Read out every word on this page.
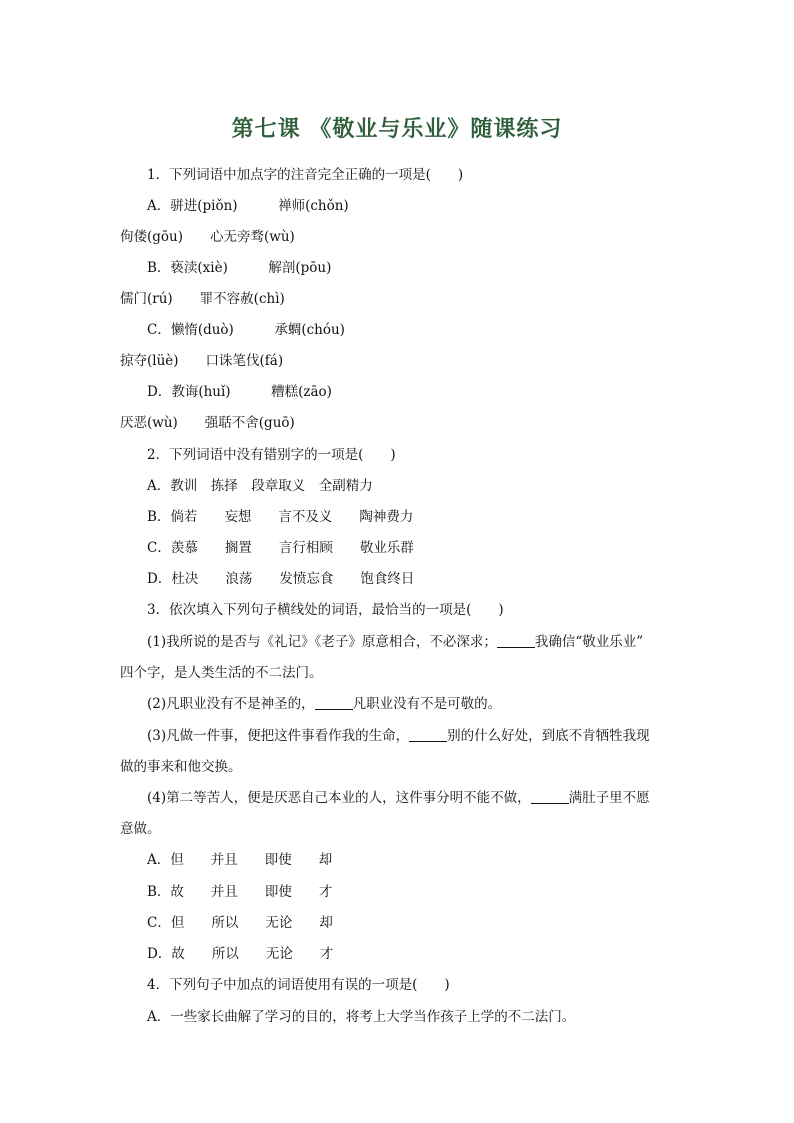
第七课 《敬业与乐业》随课练习
1．下列词语中加点字的注音完全正确的一项是(　　)
A．骈进(piǒn)　　　禅师(chǒn)
佝偻(gōu)　　心无旁骛(wù)
B．亵渎(xiè)　　　解剖(pōu)
儒门(rú)　　罪不容赦(chì)
C．懒惰(duò)　　　承蜩(chóu)
掠夺(lüè)　　口诛笔伐(fá)
D．教诲(huǐ)　　　糟糕(zāo)
厌恶(wù)　　强聒不舍(guō)
2．下列词语中没有错别字的一项是(　　)
A．教训　拣择　段章取义　全副精力
B．倘若　　妄想　　言不及义　　陶神费力
C．羡慕　　搁置　　言行相顾　　敬业乐群
D．杜决　　浪荡　　发愤忘食　　饱食终日
3．依次填入下列句子横线处的词语，最恰当的一项是(　　)
(1)我所说的是否与《礼记》《老子》原意相合，不必深求；	我确信“敬业乐业”
四个字，是人类生活的不二法门。
(2)凡职业没有不是神圣的，	凡职业没有不是可敬的。
(3)凡做一件事，便把这件事看作我的生命，	别的什么好处，到底不肯牺牲我现
做的事来和他交换。
(4)第二等苦人，便是厌恶自己本业的人，这件事分明不能不做，	满肚子里不愿
意做。
A．但　　并且　　即使　　却
B．故　　并且　　即使　　才
C．但　　所以　　无论　　却
D．故　　所以　　无论　　才
4．下列句子中加点的词语使用有误的一项是(　　)
A．一些家长曲解了学习的目的，将考上大学当作孩子上学的不二法门。
